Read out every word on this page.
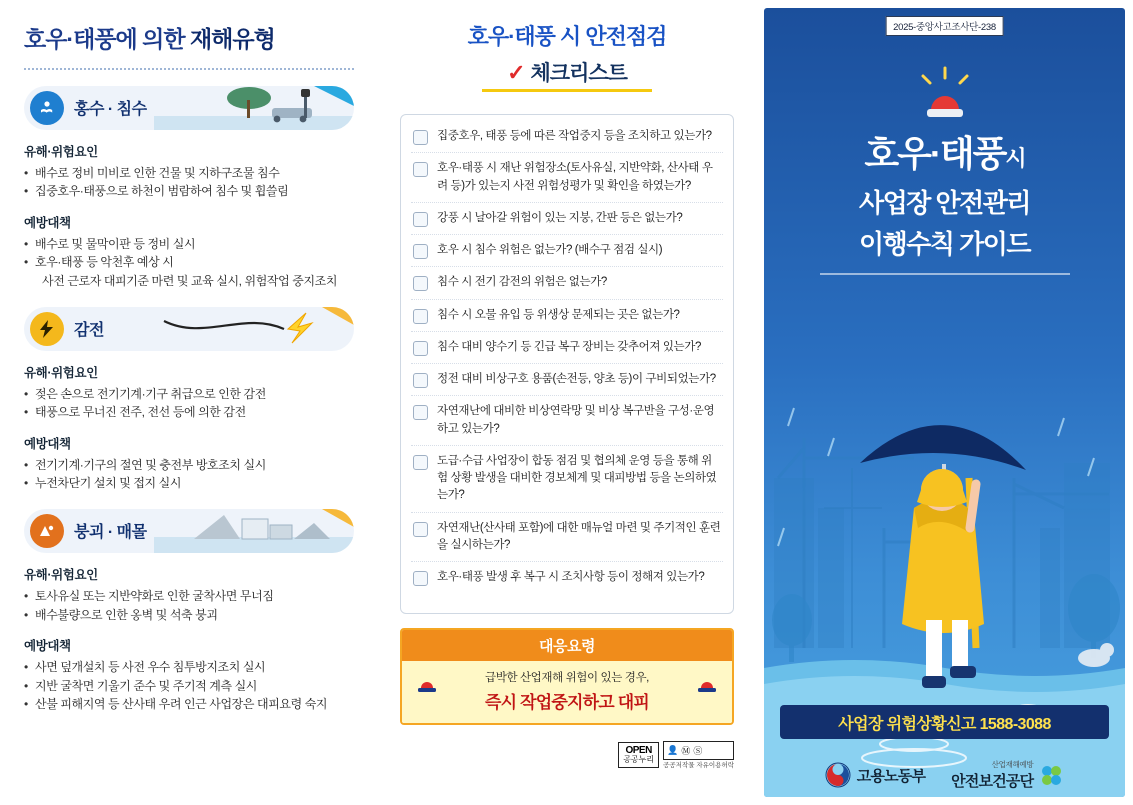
호우·태풍에 의한 재해유형
홍수 · 침수
유해·위험요인
• 배수로 정비 미비로 인한 건물 및 지하구조물 침수
• 집중호우·태풍으로 하천이 범람하여 침수 및 휩쓸림
예방대책
• 배수로 및 물막이판 등 정비 실시
• 호우·태풍 등 악천후 예상 시
사전 근로자 대피기준 마련 및 교육 실시, 위험작업 중지조치
감전
유해·위험요인
• 젖은 손으로 전기기계·기구 취급으로 인한 감전
• 태풍으로 무너진 전주, 전선 등에 의한 감전
예방대책
• 전기기계·기구의 절연 및 충전부 방호조치 실시
• 누전차단기 설치 및 접지 실시
붕괴 · 매몰
유해·위험요인
• 토사유실 또는 지반약화로 인한 굴착사면 무너짐
• 배수불량으로 인한 옹벽 및 석축 붕괴
예방대책
• 사면 덮개설치 등 사전 우수 침투방지조치 실시
• 지반 굴착면 기울기 준수 및 주기적 계측 실시
• 산불 피해지역 등 산사태 우려 인근 사업장은 대피요령 숙지
호우·태풍 시 안전점검
✓ 체크리스트
집중호우, 태풍 등에 따른 작업중지 등을 조치하고 있는가?
호우·태풍 시 재난 위험장소(토사유실, 지반약화, 산사태 우려 등)가 있는지 사전 위험성평가 및 확인을 하였는가?
강풍 시 날아갈 위험이 있는 지붕, 간판 등은 없는가?
호우 시 침수 위험은 없는가? (배수구 점검 실시)
침수 시 전기 감전의 위험은 없는가?
침수 시 오물 유입 등 위생상 문제되는 곳은 없는가?
침수 대비 양수기 등 긴급 복구 장비는 갖추어져 있는가?
정전 대비 비상구호 용품(손전등, 양초 등)이 구비되었는가?
자연재난에 대비한 비상연락망 및 비상 복구반을 구성·운영하고 있는가?
도급·수급 사업장이 합동 점검 및 협의체 운영 등을 통해 위험 상황 발생을 대비한 경보체계 및 대피방법 등을 논의하였는가?
자연재난(산사태 포함)에 대한 매뉴얼 마련 및 주기적인 훈련을 실시하는가?
호우·태풍 발생 후 복구 시 조치사항 등이 정해져 있는가?
대응요령
급박한 산업재해 위험이 있는 경우,
즉시 작업중지하고 대피
OPEN
공공누리
👤 Ⓜ Ⓢ
공공저작물 자유이용허락
2025-중앙사고조사단-238
호우·태풍시
사업장 안전관리
이행수칙 가이드
사업장 위험상황신고 1588-3088
고용노동부
산업재해예방
안전보건공단
